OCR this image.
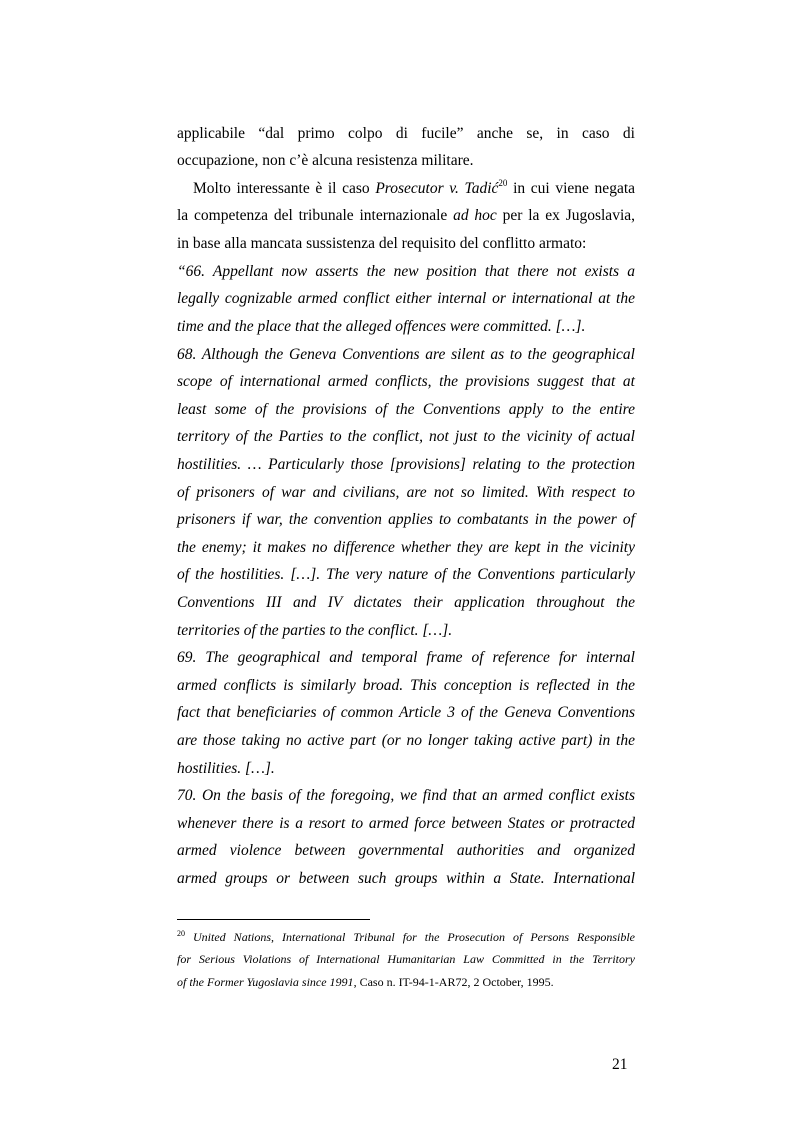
applicabile “dal primo colpo di fucile” anche se, in caso di
occupazione, non c’è alcuna resistenza militare.
Molto interessante è il caso Prosecutor v. Tadić$^{20}$ in cui viene negata
la competenza del tribunale internazionale ad hoc per la ex Jugoslavia,
in base alla mancata sussistenza del requisito del conflitto armato:
“66. Appellant now asserts the new position that there not exists a
legally cognizable armed conflict either internal or international at the
time and the place that the alleged offences were committed. […].
68. Although the Geneva Conventions are silent as to the geographical
scope of international armed conflicts, the provisions suggest that at
least some of the provisions of the Conventions apply to the entire
territory of the Parties to the conflict, not just to the vicinity of actual
hostilities. … Particularly those [provisions] relating to the protection
of prisoners of war and civilians, are not so limited. With respect to
prisoners if war, the convention applies to combatants in the power of
the enemy; it makes no difference whether they are kept in the vicinity
of the hostilities. […]. The very nature of the Conventions particularly
Conventions III and IV dictates their application throughout the
territories of the parties to the conflict. […].
69. The geographical and temporal frame of reference for internal
armed conflicts is similarly broad. This conception is reflected in the
fact that beneficiaries of common Article 3 of the Geneva Conventions
are those taking no active part (or no longer taking active part) in the
hostilities. […].
70. On the basis of the foregoing, we find that an armed conflict exists
whenever there is a resort to armed force between States or protracted
armed violence between governmental authorities and organized
armed groups or between such groups within a State. International
$^{20}$ United Nations, International Tribunal for the Prosecution of Persons Responsible
for Serious Violations of International Humanitarian Law Committed in the Territory
of the Former Yugoslavia since 1991, Caso n. IT-94-1-AR72, 2 October, 1995.
21
